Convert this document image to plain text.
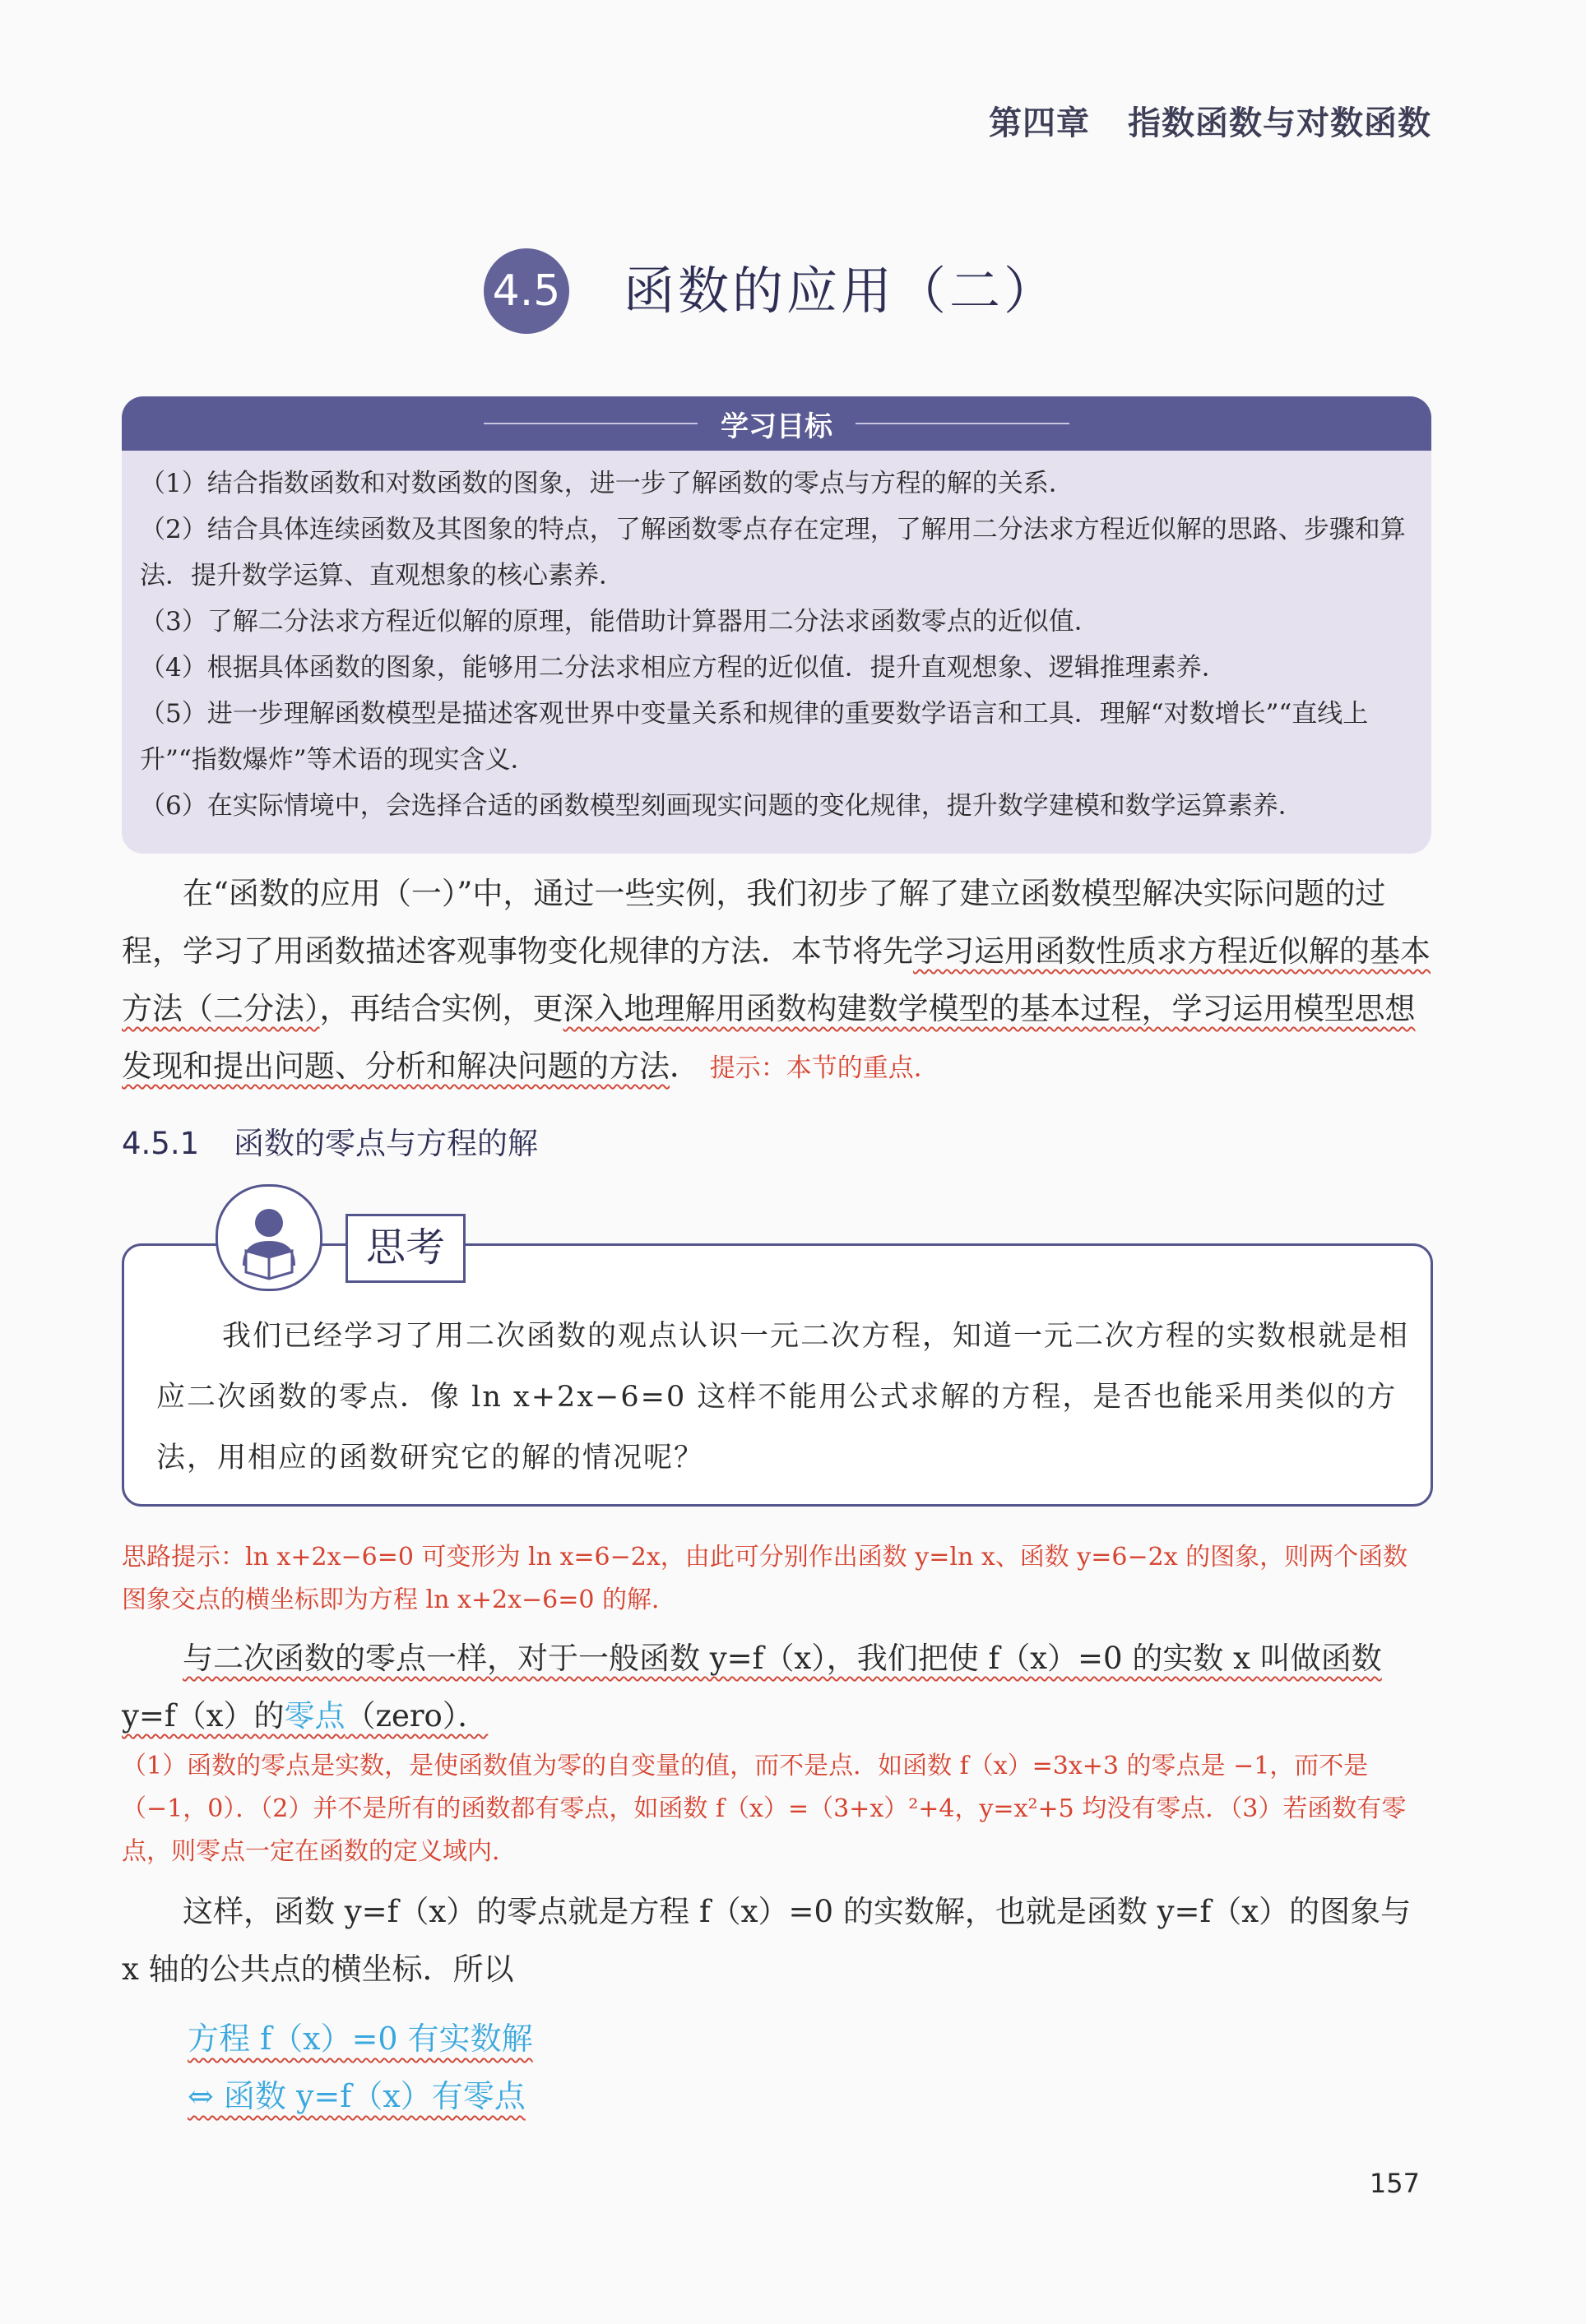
第四章 指数函数与对数函数
4.5 函数的应用（二）
学习目标
（1）结合指数函数和对数函数的图象，进一步了解函数的零点与方程的解的关系．
（2）结合具体连续函数及其图象的特点，了解函数零点存在定理，了解用二分法求方程近似解的思路、步骤和算法．提升数学运算、直观想象的核心素养．
（3）了解二分法求方程近似解的原理，能借助计算器用二分法求函数零点的近似值．
（4）根据具体函数的图象，能够用二分法求相应方程的近似值．提升直观想象、逻辑推理素养．
（5）进一步理解函数模型是描述客观世界中变量关系和规律的重要数学语言和工具．理解“对数增长”“直线上升”“指数爆炸”等术语的现实含义．
（6）在实际情境中，会选择合适的函数模型刻画现实问题的变化规律，提升数学建模和数学运算素养．
在“函数的应用（一）”中，通过一些实例，我们初步了解了建立函数模型解决实际问题的过程，学习了用函数描述客观事物变化规律的方法．本节将先学习运用函数性质求方程近似解的基本方法（二分法），再结合实例，更深入地理解用函数构建数学模型的基本过程，学习运用模型思想发现和提出问题、分析和解决问题的方法． 提示：本节的重点．
4.5.1 函数的零点与方程的解
思考
我们已经学习了用二次函数的观点认识一元二次方程，知道一元二次方程的实数根就是相应二次函数的零点．像 ln x+2x−6=0 这样不能用公式求解的方程，是否也能采用类似的方法，用相应的函数研究它的解的情况呢？
思路提示：ln x+2x−6=0 可变形为 ln x=6−2x，由此可分别作出函数 y=ln x、函数 y=6−2x 的图象，则两个函数图象交点的横坐标即为方程 ln x+2x−6=0 的解．
与二次函数的零点一样，对于一般函数 y=f（x），我们把使 f（x）=0 的实数 x 叫做函数 y=f（x）的零点（zero）．
（1）函数的零点是实数，是使函数值为零的自变量的值，而不是点．如函数 f（x）=3x+3 的零点是 −1，而不是（−1，0）．（2）并不是所有的函数都有零点，如函数 f（x）=（3+x）²+4，y=x²+5 均没有零点．（3）若函数有零点，则零点一定在函数的定义域内．
这样，函数 y=f（x）的零点就是方程 f（x）=0 的实数解，也就是函数 y=f（x）的图象与 x 轴的公共点的横坐标．所以
方程 f（x）=0 有实数解
⇔ 函数 y=f（x）有零点
157
